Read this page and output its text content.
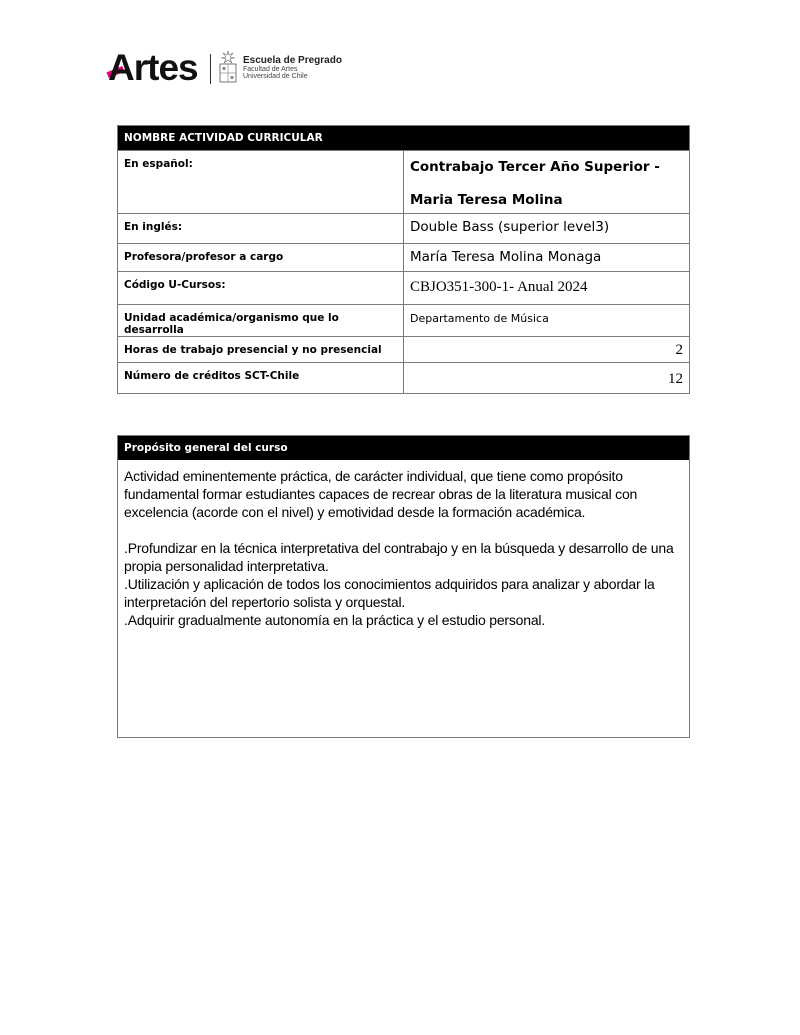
Artes	Escuela de Pregrado
Facultad de Artes
Universidad de Chile
NOMBRE ACTIVIDAD CURRICULAR	
En español:	Contrabajo Tercer Año Superior -
Maria Teresa Molina

En inglés:	Double Bass (superior level3)
Profesora/profesor a cargo	María Teresa Molina Monaga
Código U-Cursos:	CBJO351-300-1- Anual 2024
Unidad académica/organismo que lo desarrolla	Departamento de Música
Horas de trabajo presencial y no presencial	2
Número de créditos SCT-Chile	12
Propósito general del curso

Actividad eminentemente práctica, de carácter individual, que tiene como propósito fundamental formar estudiantes capaces de recrear obras de la literatura musical con excelencia (acorde con el nivel) y emotividad desde la formación académica.

.Profundizar en la técnica interpretativa del contrabajo y en la búsqueda y desarrollo de una propia personalidad interpretativa.

.Utilización y aplicación de todos los conocimientos adquiridos para analizar y abordar la interpretación del repertorio solista y orquestal.

.Adquirir gradualmente autonomía en la práctica y el estudio personal.
